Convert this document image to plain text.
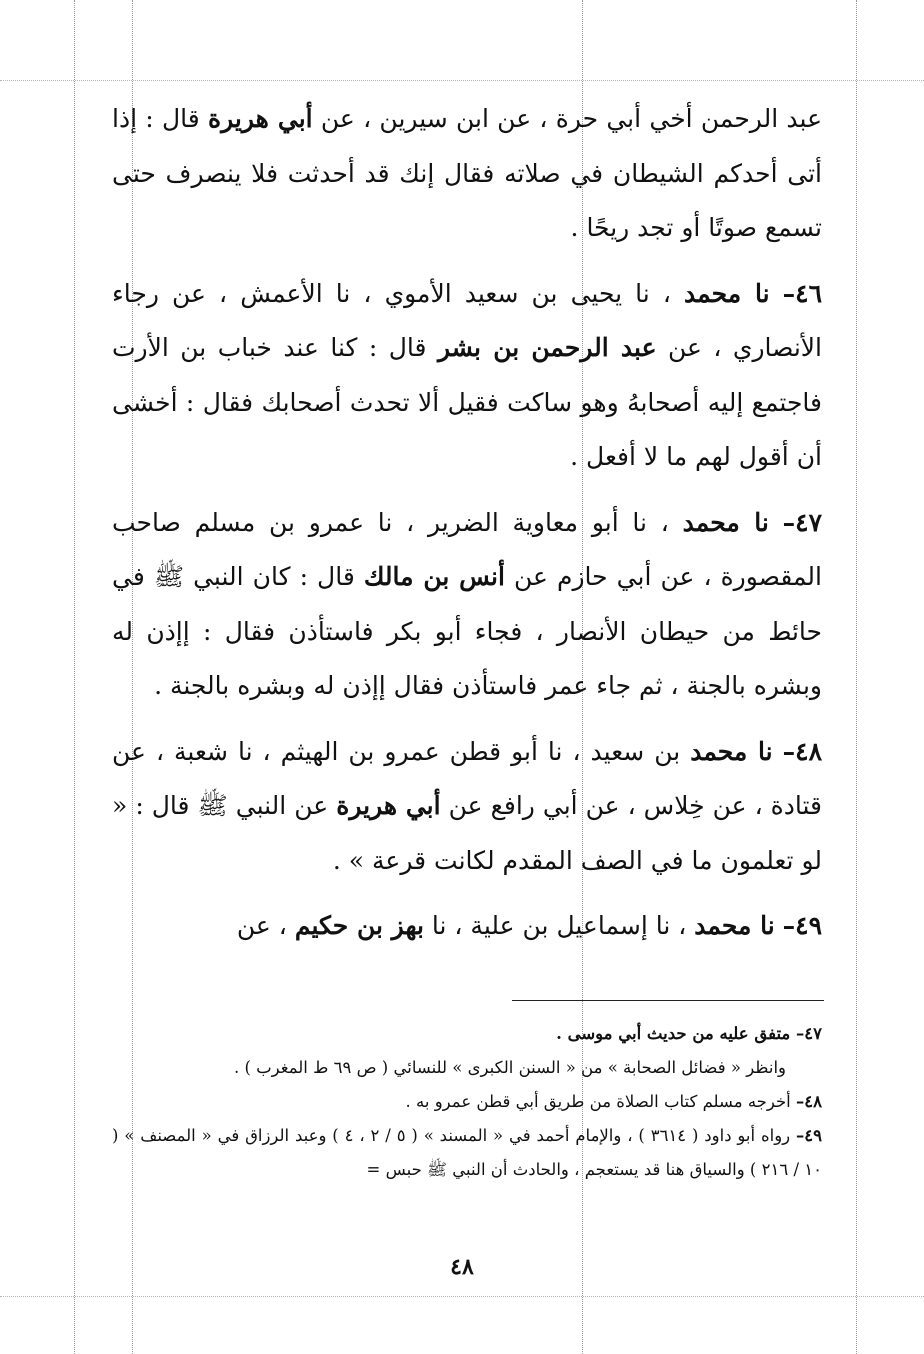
عبد الرحمن أخي أبي حرة ، عن ابن سيرين ، عن أبي هريرة قال : إذا أتى أحدكم الشيطان في صلاته فقال إنك قد أحدثت فلا ينصرف حتى تسمع صوتًا أو تجد ريحًا .

٤٦– نا محمد ، نا يحيى بن سعيد الأموي ، نا الأعمش ، عن رجاء الأنصاري ، عن عبد الرحمن بن بشر قال : كنا عند خباب بن الأرت فاجتمع إليه أصحابهُ وهو ساكت فقيل ألا تحدث أصحابك فقال : أخشى أن أقول لهم ما لا أفعل .

٤٧– نا محمد ، نا أبو معاوية الضرير ، نا عمرو بن مسلم صاحب المقصورة ، عن أبي حازم عن أنس بن مالك قال : كان النبي ﷺ في حائط من حيطان الأنصار ، فجاء أبو بكر فاستأذن فقال : إإذن له وبشره بالجنة ، ثم جاء عمر فاستأذن فقال إإذن له وبشره بالجنة .

٤٨– نا محمد بن سعيد ، نا أبو قطن عمرو بن الهيثم ، نا شعبة ، عن قتادة ، عن خِلاس ، عن أبي رافع عن أبي هريرة عن النبي ﷺ قال : « لو تعلمون ما في الصف المقدم لكانت قرعة » .

٤٩– نا محمد ، نا إسماعيل بن علية ، نا بهز بن حكيم ، عن

٤٧– متفق عليه من حديث أبي موسى .

وانظر « فضائل الصحابة » من « السنن الكبرى » للنسائي ( ص ٦٩ ط المغرب ) .

٤٨– أخرجه مسلم كتاب الصلاة من طريق أبي قطن عمرو به .

٤٩– رواه أبو داود ( ٣٦١٤ ) ، والإمام أحمد في « المسند » ( ٥ / ٢ ، ٤ ) وعبد الرزاق في « المصنف » ( ١٠ / ٢١٦ ) والسياق هنا قد يستعجم ، والحادث أن النبي ﷺ حبس =

٤٨
